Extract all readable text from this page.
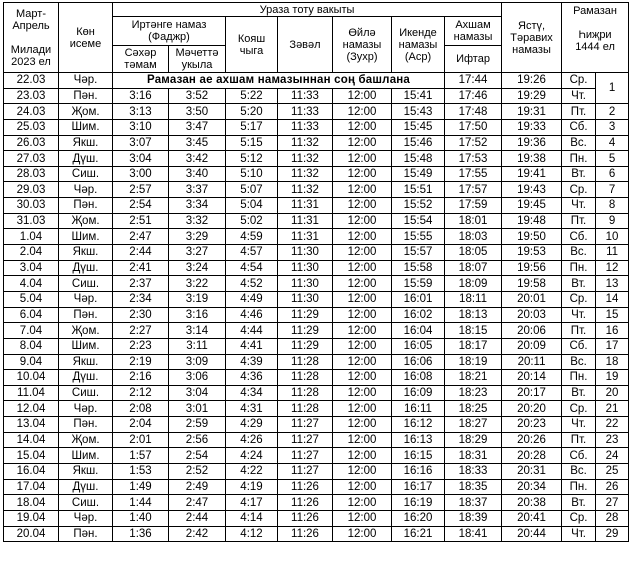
Март-Апрель

Милади
2023 ел	Көн
исеме	Ураза тоту вакыты							Ястү,
Тәравих
намазы	Рамазан

Һиҗри
1444 ел	
		Иртәнге намаз
(Фаджр)		Кояш
чыга	Зәвәл	Өйлә
намазы
(Зухр)	Икенде
намазы
(Аср)	Ахшам
намазы			
		Сәхәр
тәмам	Мәчеттә
укыла					Ифтар			
22.03	Чәр.	Рамазан ае ахшам намазыннан соң башлана						17:44	19:26	Ср.	1
23.03	Пән.	3:16	3:52	5:22	11:33	12:00	15:41	17:46	19:29	Чт.	
24.03	Җом.	3:13	3:50	5:20	11:33	12:00	15:43	17:48	19:31	Пт.	2
25.03	Шим.	3:10	3:47	5:17	11:33	12:00	15:45	17:50	19:33	Сб.	3
26.03	Якш.	3:07	3:45	5:15	11:32	12:00	15:46	17:52	19:36	Вс.	4
27.03	Дүш.	3:04	3:42	5:12	11:32	12:00	15:48	17:53	19:38	Пн.	5
28.03	Сиш.	3:00	3:40	5:10	11:32	12:00	15:49	17:55	19:41	Вт.	6
29.03	Чәр.	2:57	3:37	5:07	11:32	12:00	15:51	17:57	19:43	Ср.	7
30.03	Пән.	2:54	3:34	5:04	11:31	12:00	15:52	17:59	19:45	Чт.	8
31.03	Җом.	2:51	3:32	5:02	11:31	12:00	15:54	18:01	19:48	Пт.	9
1.04	Шим.	2:47	3:29	4:59	11:31	12:00	15:55	18:03	19:50	Сб.	10
2.04	Якш.	2:44	3:27	4:57	11:30	12:00	15:57	18:05	19:53	Вс.	11
3.04	Дүш.	2:41	3:24	4:54	11:30	12:00	15:58	18:07	19:56	Пн.	12
4.04	Сиш.	2:37	3:22	4:52	11:30	12:00	15:59	18:09	19:58	Вт.	13
5.04	Чәр.	2:34	3:19	4:49	11:30	12:00	16:01	18:11	20:01	Ср.	14
6.04	Пән.	2:30	3:16	4:46	11:29	12:00	16:02	18:13	20:03	Чт.	15
7.04	Җом.	2:27	3:14	4:44	11:29	12:00	16:04	18:15	20:06	Пт.	16
8.04	Шим.	2:23	3:11	4:41	11:29	12:00	16:05	18:17	20:09	Сб.	17
9.04	Якш.	2:19	3:09	4:39	11:28	12:00	16:06	18:19	20:11	Вс.	18
10.04	Дүш.	2:16	3:06	4:36	11:28	12:00	16:08	18:21	20:14	Пн.	19
11.04	Сиш.	2:12	3:04	4:34	11:28	12:00	16:09	18:23	20:17	Вт.	20
12.04	Чәр.	2:08	3:01	4:31	11:28	12:00	16:11	18:25	20:20	Ср.	21
13.04	Пән.	2:04	2:59	4:29	11:27	12:00	16:12	18:27	20:23	Чт.	22
14.04	Җом.	2:01	2:56	4:26	11:27	12:00	16:13	18:29	20:26	Пт.	23
15.04	Шим.	1:57	2:54	4:24	11:27	12:00	16:15	18:31	20:28	Сб.	24
16.04	Якш.	1:53	2:52	4:22	11:27	12:00	16:16	18:33	20:31	Вс.	25
17.04	Дүш.	1:49	2:49	4:19	11:26	12:00	16:17	18:35	20:34	Пн.	26
18.04	Сиш.	1:44	2:47	4:17	11:26	12:00	16:19	18:37	20:38	Вт.	27
19.04	Чәр.	1:40	2:44	4:14	11:26	12:00	16:20	18:39	20:41	Ср.	28
20.04	Пән.	1:36	2:42	4:12	11:26	12:00	16:21	18:41	20:44	Чт.	29
